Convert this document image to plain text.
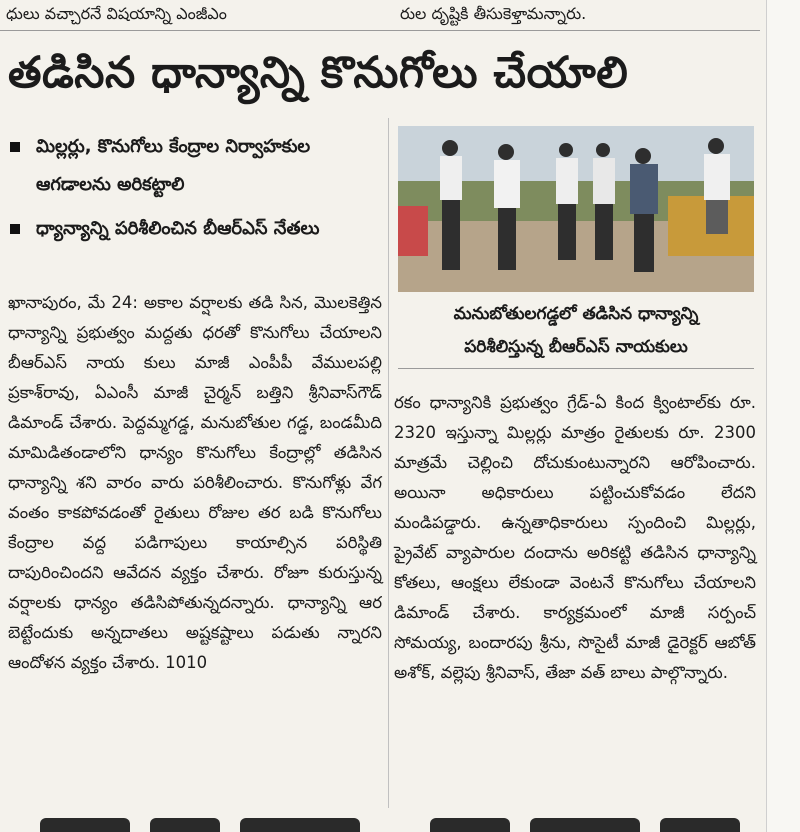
ధులు వచ్చారనే విషయాన్ని ఎంజీఎం	రుల దృష్టికి తీసుకెళ్తామన్నారు.
తడిసిన ధాన్యాన్ని కొనుగోలు చేయాలి
మిల్లర్లు, కొనుగోలు కేంద్రాల నిర్వాహకుల ఆగడాలను అరికట్టాలి
ధ్యాన్యాన్ని పరిశీలించిన బీఆర్ఎస్ నేతలు
మనుబోతులగడ్డలో తడిసిన ధాన్యాన్ని
పరిశీలిస్తున్న బీఆర్ఎస్ నాయకులు
ఖానాపురం, మే 24: అకాల వర్షాలకు తడి సిన, మొలకెత్తిన ధాన్యాన్ని ప్రభుత్వం మద్దతు ధరతో కొనుగోలు చేయాలని బీఆర్ఎస్ నాయ కులు మాజీ ఎంపీపీ వేములపల్లి ప్రకాశ్‌రావు, ఏఎంసీ మాజీ చైర్మన్ బత్తిని శ్రీనివాస్‌గౌడ్ డిమాండ్ చేశారు. పెద్దమ్మగడ్డ, మనుబోతుల గడ్డ, బండమీది మామిడితండాలోని ధాన్యం కొనుగోలు కేంద్రాల్లో తడిసిన ధాన్యాన్ని శని వారం వారు పరిశీలించారు. కొనుగోళ్లు వేగ వంతం కాకపోవడంతో రైతులు రోజుల తర బడి కొనుగోలు కేంద్రాల వద్ద పడిగాపులు కాయాల్సిన పరిస్థితి దాపురించిందని ఆవేదన వ్యక్తం చేశారు. రోజూ కురుస్తున్న వర్షాలకు ధాన్యం తడిసిపోతున్నదన్నారు. ధాన్యాన్ని ఆర బెట్టేందుకు అన్నదాతలు అష్టకష్టాలు పడుతు న్నారని ఆందోళన వ్యక్తం చేశారు. 1010
రకం ధాన్యానికి ప్రభుత్వం గ్రేడ్-ఏ కింద క్వింటాల్‌కు రూ. 2320 ఇస్తున్నా మిల్లర్లు మాత్రం రైతులకు రూ. 2300 మాత్రమే చెల్లించి దోచుకుంటున్నారని ఆరోపించారు. అయినా అధికారులు పట్టించుకోవడం లేదని మండిపడ్డారు. ఉన్నతాధికారులు స్పందించి మిల్లర్లు, ప్రైవేట్ వ్యాపారుల దందాను అరికట్టి తడిసిన ధాన్యాన్ని కోతలు, ఆంక్షలు లేకుండా వెంటనే కొనుగోలు చేయాలని డిమాండ్ చేశారు. కార్యక్రమంలో మాజీ సర్పంచ్ సోమయ్య, బందారపు శ్రీను, సొసైటీ మాజీ డైరెక్టర్ ఆబోత్ అశోక్, వల్లెపు శ్రీనివాస్, తేజా వత్ బాలు పాల్గొన్నారు.
